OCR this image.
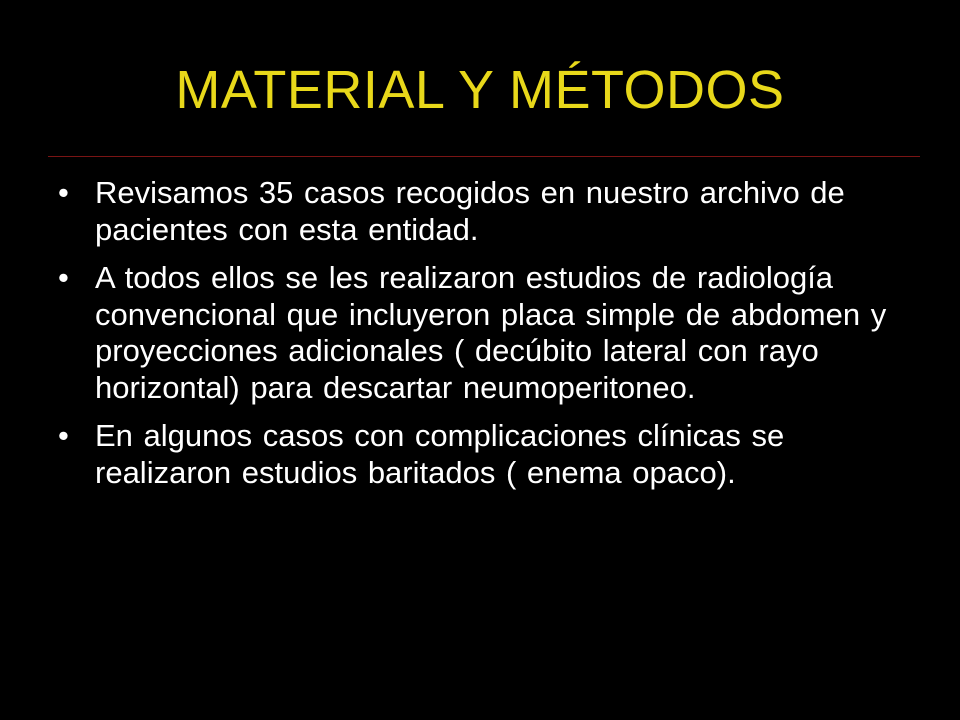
MATERIAL Y MÉTODOS
• Revisamos 35 casos recogidos en nuestro archivo de pacientes con esta entidad.
• A todos ellos se les realizaron estudios de radiología convencional que incluyeron placa simple de abdomen y proyecciones adicionales ( decúbito lateral con rayo horizontal) para descartar neumoperitoneo.
• En algunos casos con complicaciones clínicas se realizaron estudios baritados ( enema opaco).
